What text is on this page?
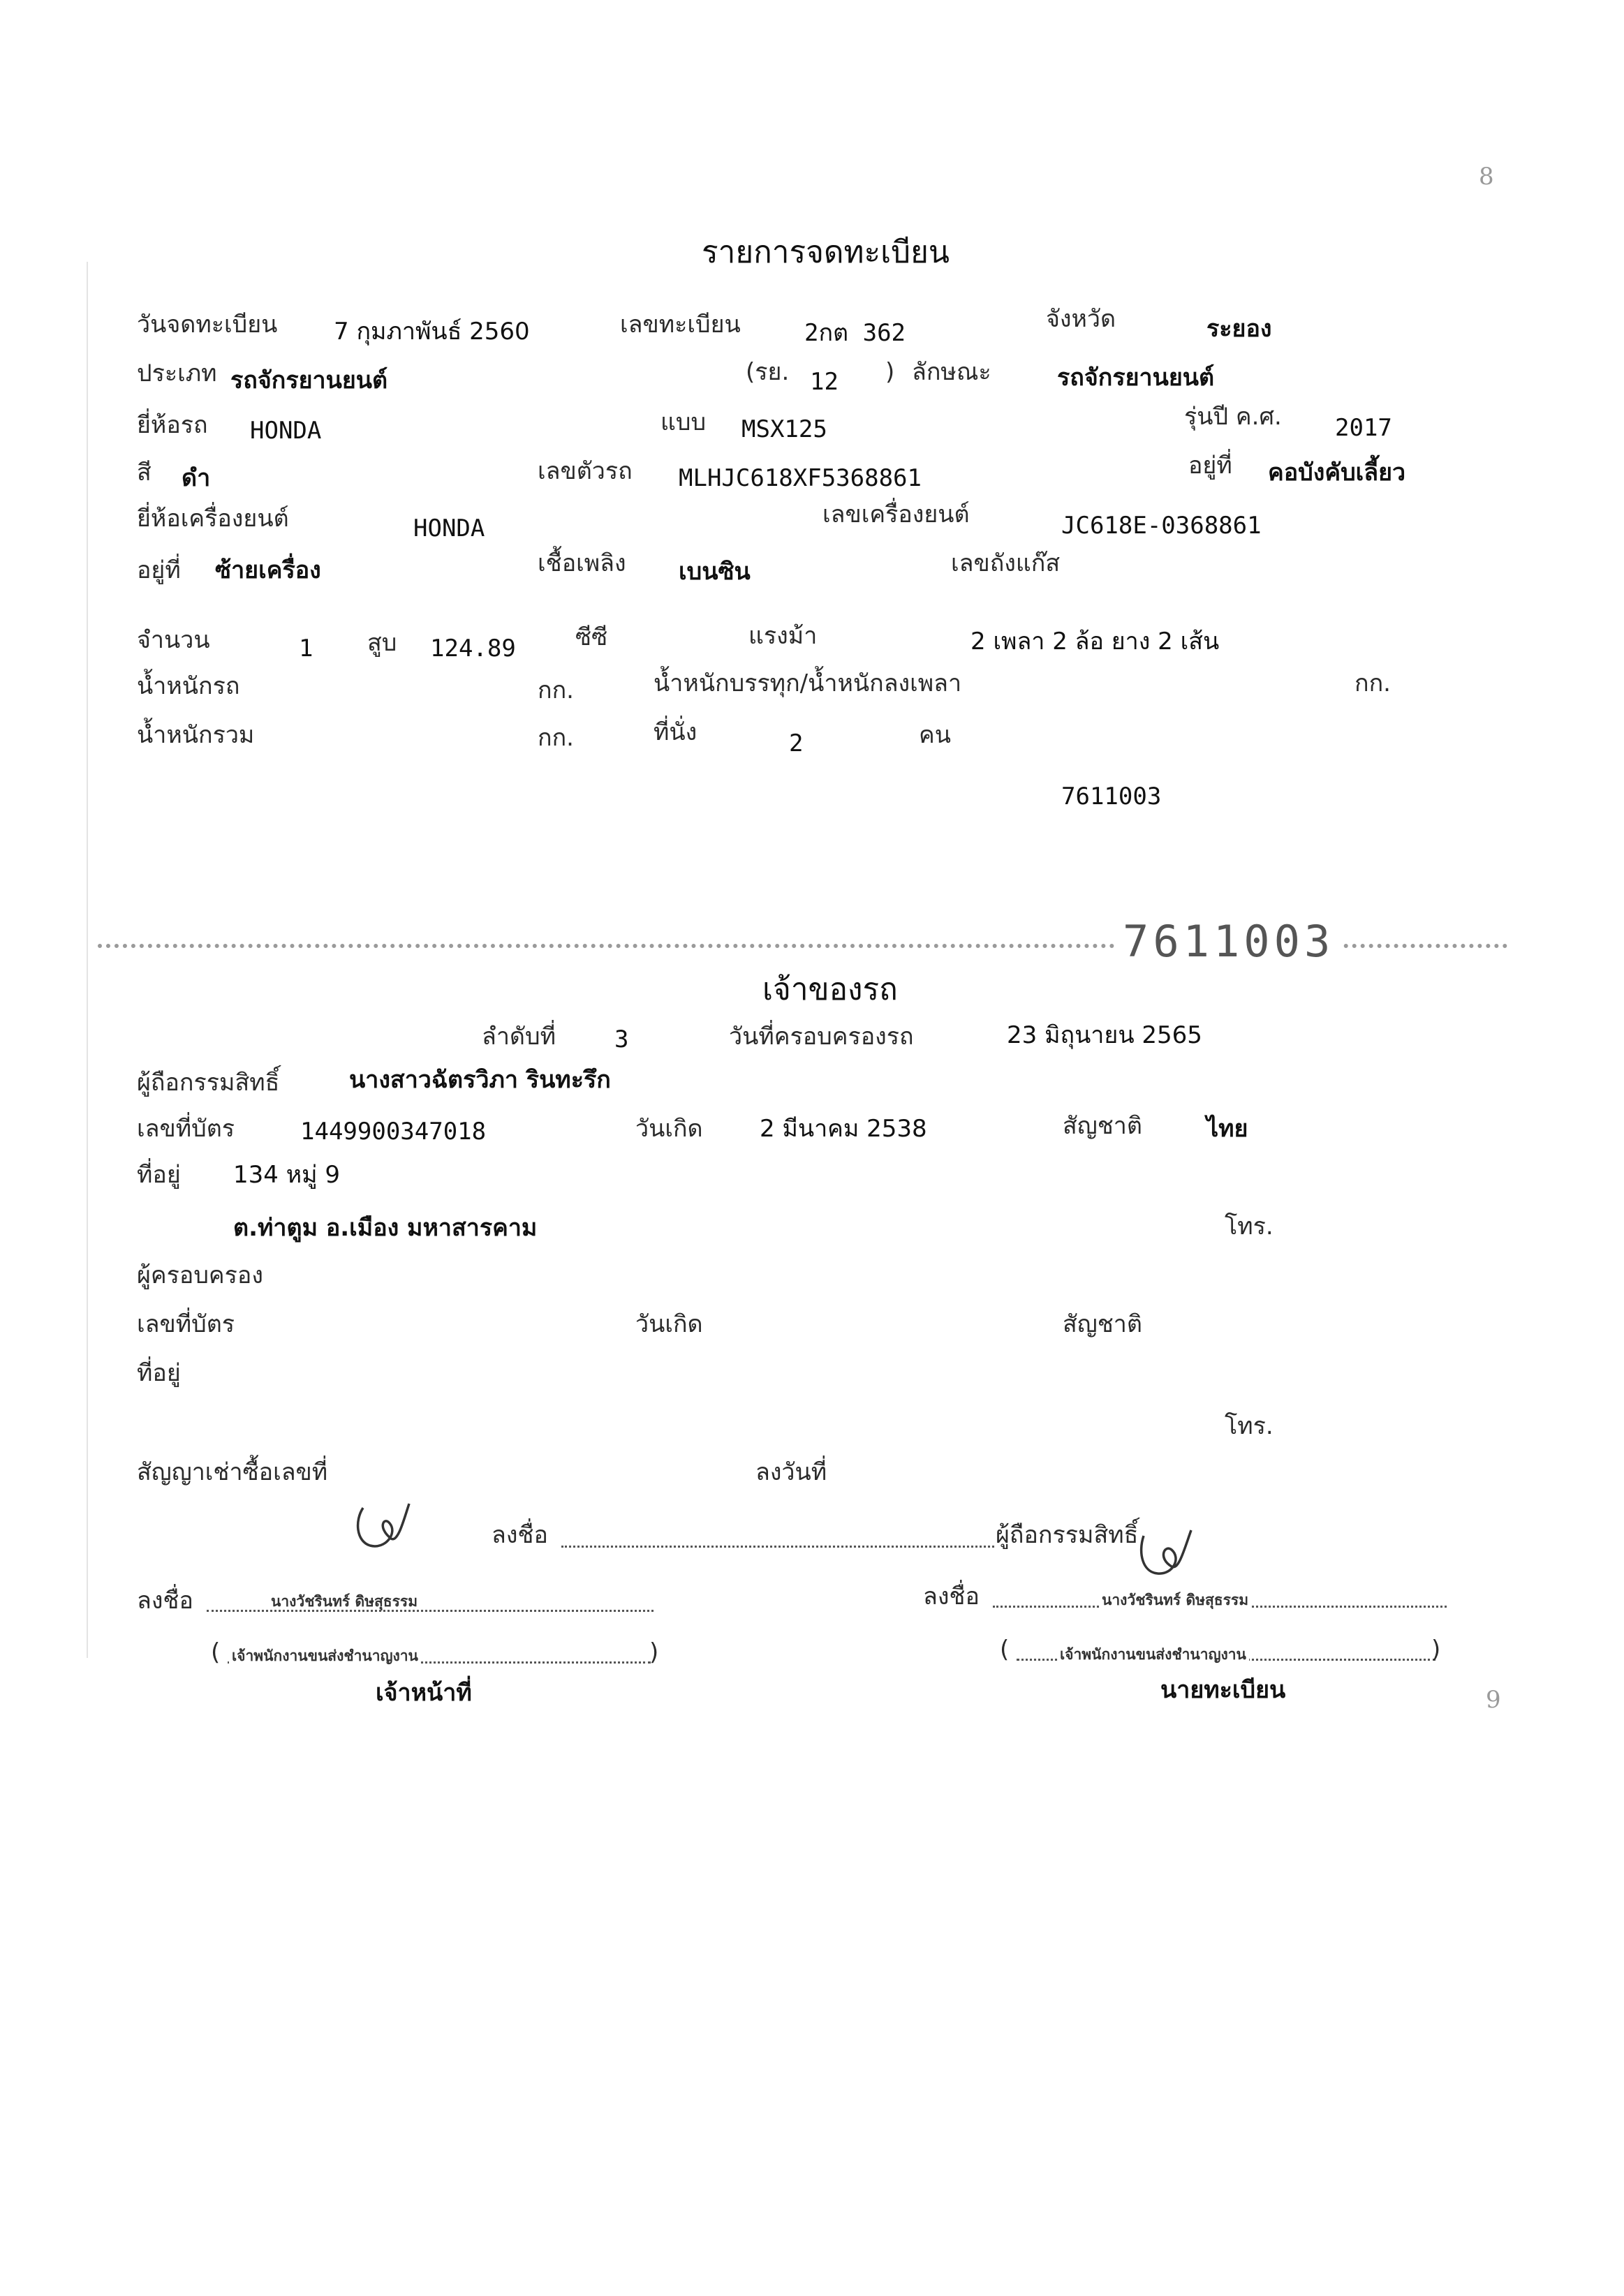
8
9
รายการจดทะเบียน
วันจดทะเบียน 7 กุมภาพันธ์ 2560	เลขทะเบียน	2กต 362	จังหวัด	ระยอง
ประเภท รถจักรยานยนต์	(รย. 12 ) ลักษณะ	รถจักรยานยนต์
ยี่ห้อรถ HONDA	แบบ MSX125	รุ่นปี ค.ศ. 2017
สี ดำ	เลขตัวรถ MLHJC618XF5368861	อยู่ที่ คอบังคับเลี้ยว
ยี่ห้อเครื่องยนต์	HONDA	เลขเครื่องยนต์	JC618E-0368861
อยู่ที่ ซ้ายเครื่อง	เชื้อเพลิง เบนซิน	เลขถังแก๊ส
จำนวน	1 สูบ 124.89	ซีซี	แรงม้า	2 เพลา 2 ล้อ ยาง 2 เส้น
น้ำหนักรถ	กก.	น้ำหนักบรรทุก/น้ำหนักลงเพลา	กก.
น้ำหนักรวม	กก.	ที่นั่ง	2	คน
7611003
7611003
เจ้าของรถ
ลำดับที่ 3	วันที่ครอบครองรถ	23 มิถุนายน 2565
ผู้ถือกรรมสิทธิ์	นางสาวฉัตรวิภา รินทะรึก
เลขที่บัตร	1449900347018	วันเกิด 2 มีนาคม 2538	สัญชาติ	ไทย
ที่อยู่ 134 หมู่ 9
ต.ท่าตูม อ.เมือง มหาสารคาม	โทร.
ผู้ครอบครอง
เลขที่บัตร	วันเกิด	สัญชาติ
ที่อยู่
โทร.
สัญญาเช่าซื้อเลขที่	ลงวันที่
ลงชื่อ	ผู้ถือกรรมสิทธิ์
ลงชื่อ	นางวัชรินทร์ ดิษสุธรรม
( เจ้าพนักงานขนส่งชำนาญงาน	)
เจ้าหน้าที่
ลงชื่อ	นางวัชรินทร์ ดิษสุธรรม
(	เจ้าพนักงานขนส่งชำนาญงาน	)
นายทะเบียน
